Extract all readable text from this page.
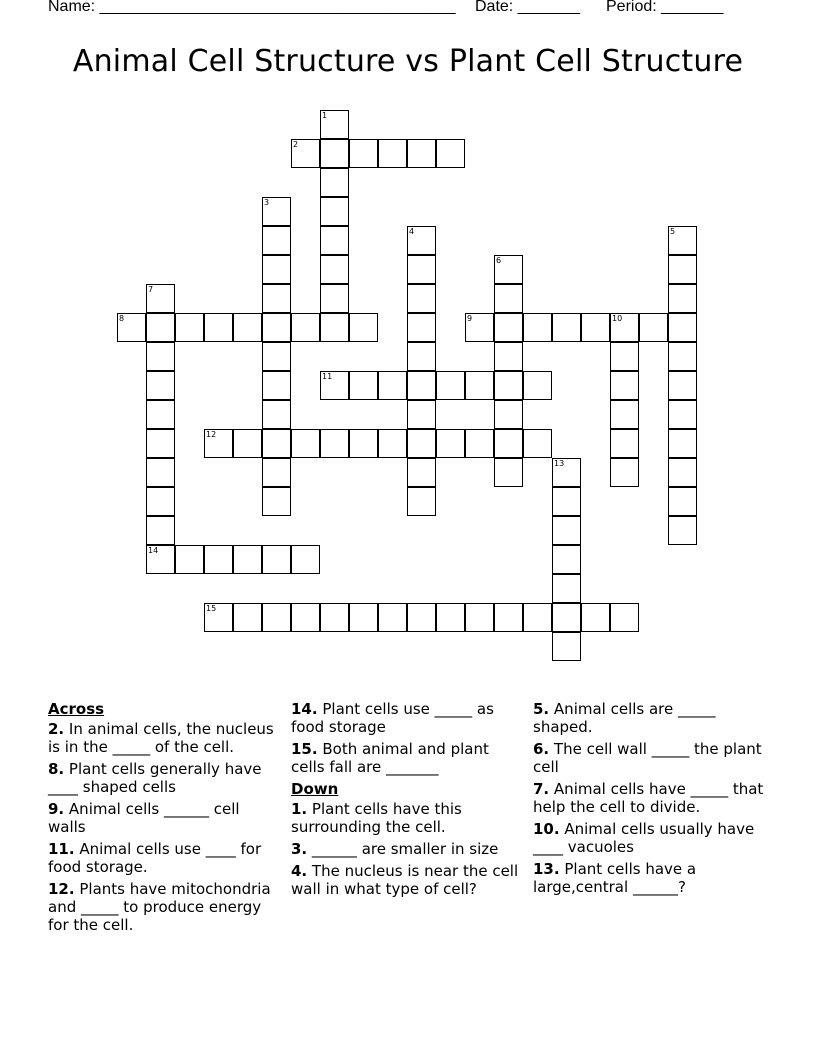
Name: ________________________________________ Date: _______ Period: _______
Animal Cell Structure vs Plant Cell Structure
1
2
3
4	5
6
7
14
8	9	10
11
12
13
15
Across
2. In animal cells, the nucleus is in the _____ of the cell.
8. Plant cells generally have ____ shaped cells
9. Animal cells ______ cell walls
11. Animal cells use ____ for food storage.
12. Plants have mitochondria and _____ to produce energy for the cell.
14. Plant cells use _____ as food storage
15. Both animal and plant cells fall are _______
Down
1. Plant cells have this surrounding the cell.
3. ______ are smaller in size
4. The nucleus is near the cell wall in what type of cell?
5. Animal cells are _____ shaped.
6. The cell wall _____ the plant cell
7. Animal cells have _____ that help the cell to divide.
10. Animal cells usually have ____ vacuoles
13. Plant cells have a large,central ______?
